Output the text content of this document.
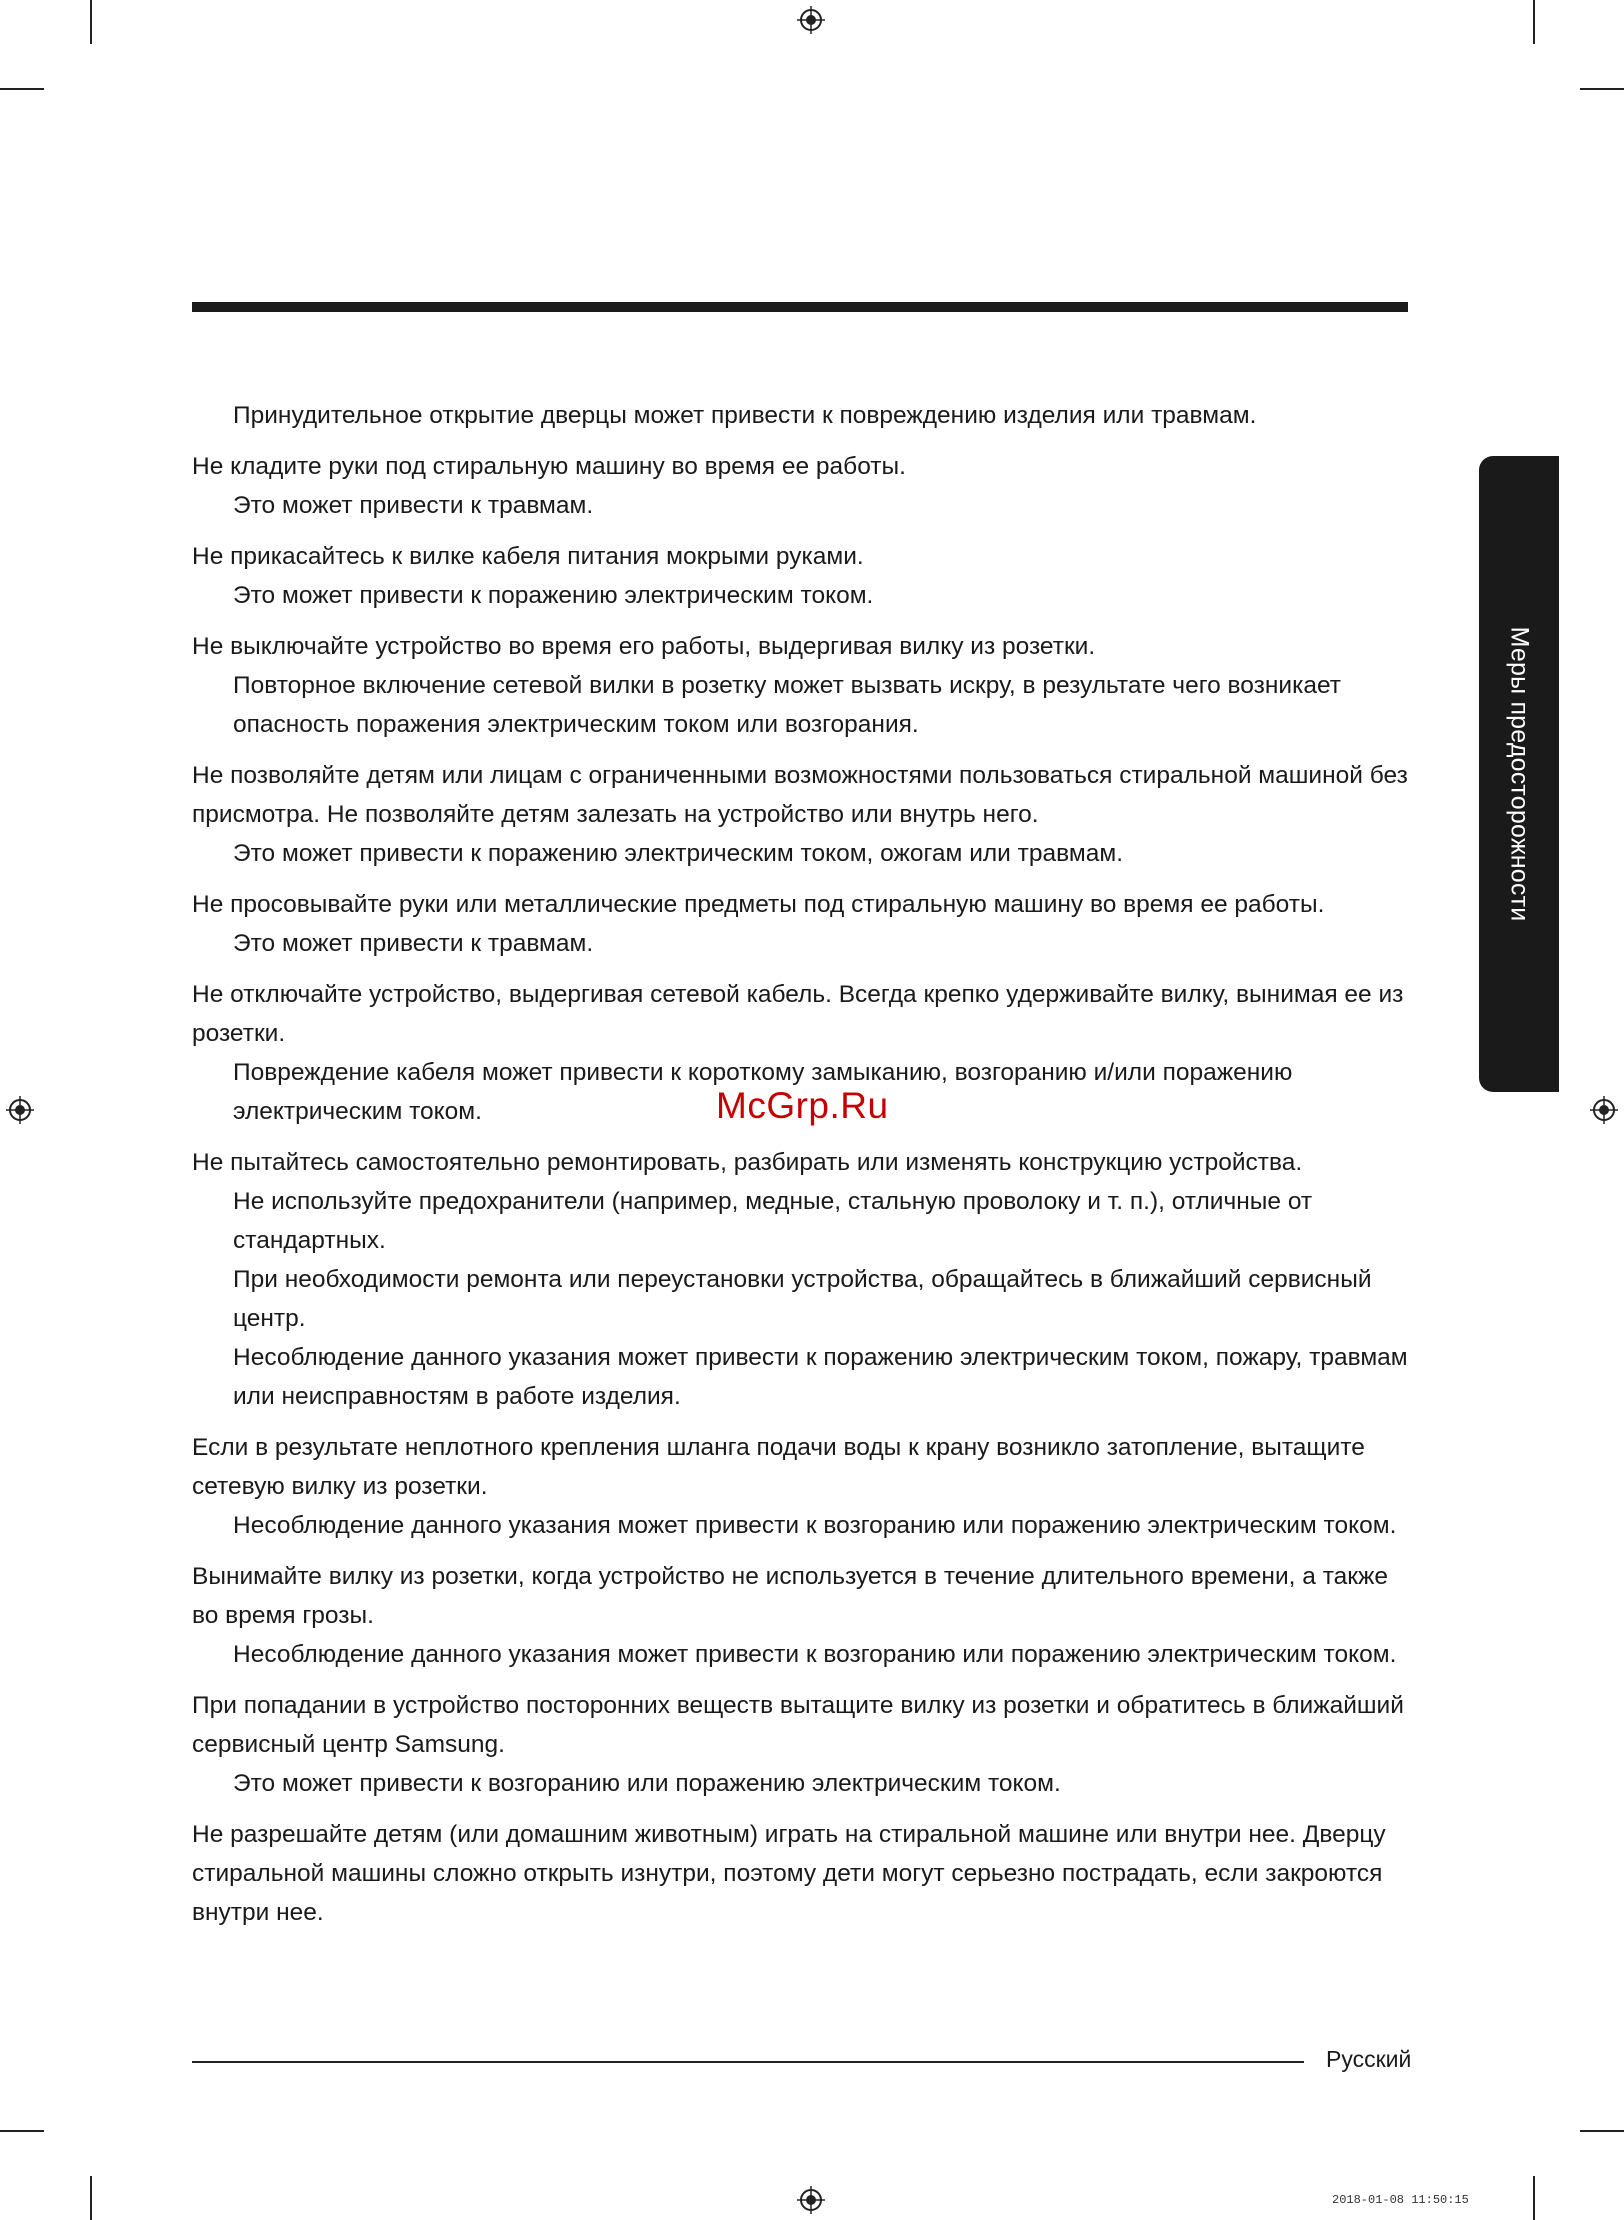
Меры предосторожности

Принудительное открытие дверцы может привести к повреждению изделия или травмам.

Не кладите руки под стиральную машину во время ее работы.

Это может привести к травмам.

Не прикасайтесь к вилке кабеля питания мокрыми руками.

Это может привести к поражению электрическим током.

Не выключайте устройство во время его работы, выдергивая вилку из розетки.

Повторное включение сетевой вилки в розетку может вызвать искру, в результате чего возникает опасность поражения электрическим током или возгорания.

Не позволяйте детям или лицам с ограниченными возможностями пользоваться стиральной машиной без присмотра. Не позволяйте детям залезать на устройство или внутрь него.

Это может привести к поражению электрическим током, ожогам или травмам.

Не просовывайте руки или металлические предметы под стиральную машину во время ее работы.

Это может привести к травмам.

Не отключайте устройство, выдергивая сетевой кабель. Всегда крепко удерживайте вилку, вынимая ее из розетки.

Повреждение кабеля может привести к короткому замыканию, возгоранию и/или поражению электрическим током.

Не пытайтесь самостоятельно ремонтировать, разбирать или изменять конструкцию устройства.

Не используйте предохранители (например, медные, стальную проволоку и т. п.), отличные от стандартных.

При необходимости ремонта или переустановки устройства, обращайтесь в ближайший сервисный центр.

Несоблюдение данного указания может привести к поражению электрическим током, пожару, травмам или неисправностям в работе изделия.

Если в результате неплотного крепления шланга подачи воды к крану возникло затопление, вытащите сетевую вилку из розетки.

Несоблюдение данного указания может привести к возгоранию или поражению электрическим током.

Вынимайте вилку из розетки, когда устройство не используется в течение длительного времени, а также во время грозы.

Несоблюдение данного указания может привести к возгоранию или поражению электрическим током.

При попадании в устройство посторонних веществ вытащите вилку из розетки и обратитесь в ближайший сервисный центр Samsung.

Это может привести к возгоранию или поражению электрическим током.

Не разрешайте детям (или домашним животным) играть на стиральной машине или внутри нее. Дверцу стиральной машины сложно открыть изнутри, поэтому дети могут серьезно пострадать, если закроются внутри нее.

McGrp.Ru
Русский
2018-01-08 11:50:15
